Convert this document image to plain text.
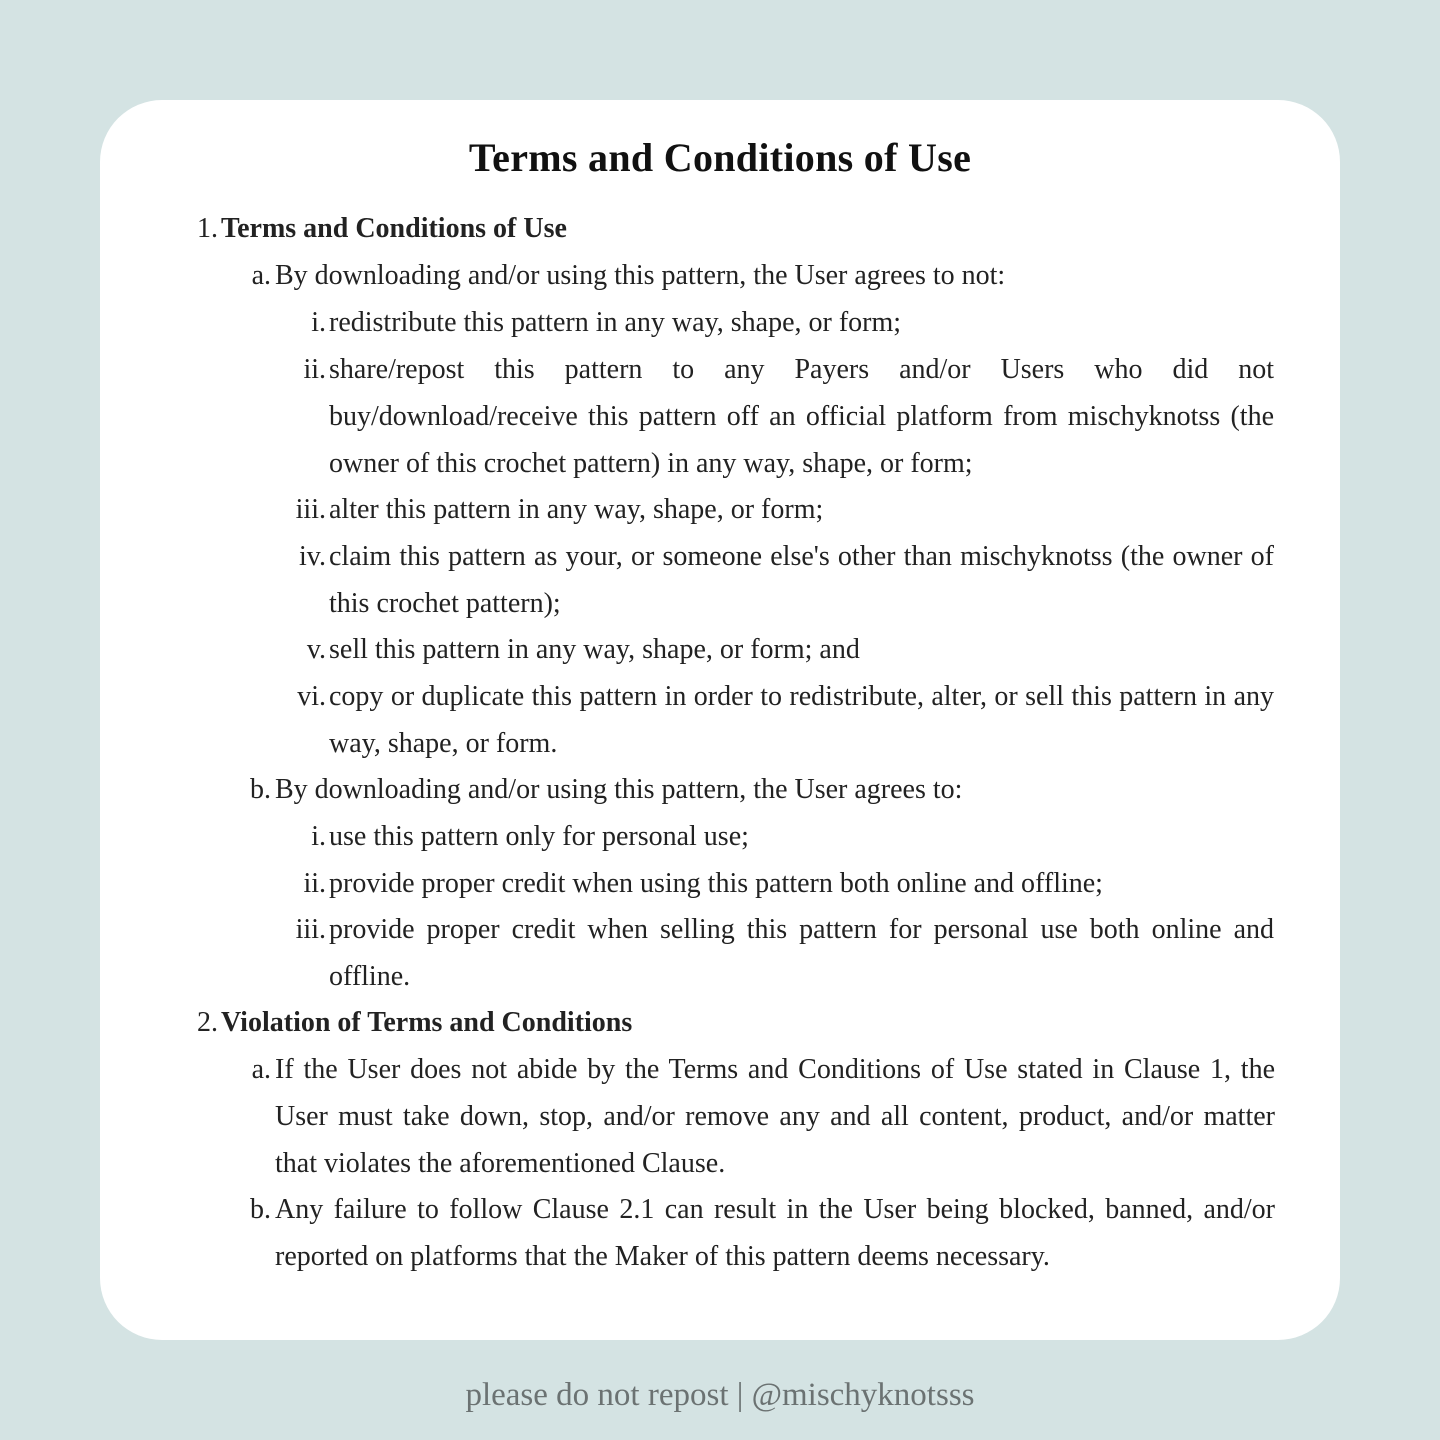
Terms and Conditions of Use
1. Terms and Conditions of Use
a. By downloading and/or using this pattern, the User agrees to not:
i. redistribute this pattern in any way, shape, or form;
ii. share/repost this pattern to any Payers and/or Users who did not buy/download/receive this pattern off an official platform from mischyknotss (the owner of this crochet pattern) in any way, shape, or form;
iii. alter this pattern in any way, shape, or form;
iv. claim this pattern as your, or someone else's other than mischyknotss (the owner of this crochet pattern);
v. sell this pattern in any way, shape, or form; and
vi. copy or duplicate this pattern in order to redistribute, alter, or sell this pattern in any way, shape, or form.
b. By downloading and/or using this pattern, the User agrees to:
i. use this pattern only for personal use;
ii. provide proper credit when using this pattern both online and offline;
iii. provide proper credit when selling this pattern for personal use both online and offline.
2. Violation of Terms and Conditions
a. If the User does not abide by the Terms and Conditions of Use stated in Clause 1, the User must take down, stop, and/or remove any and all content, product, and/or matter that violates the aforementioned Clause.
b. Any failure to follow Clause 2.1 can result in the User being blocked, banned, and/or reported on platforms that the Maker of this pattern deems necessary.
please do not repost | @mischyknotsss
